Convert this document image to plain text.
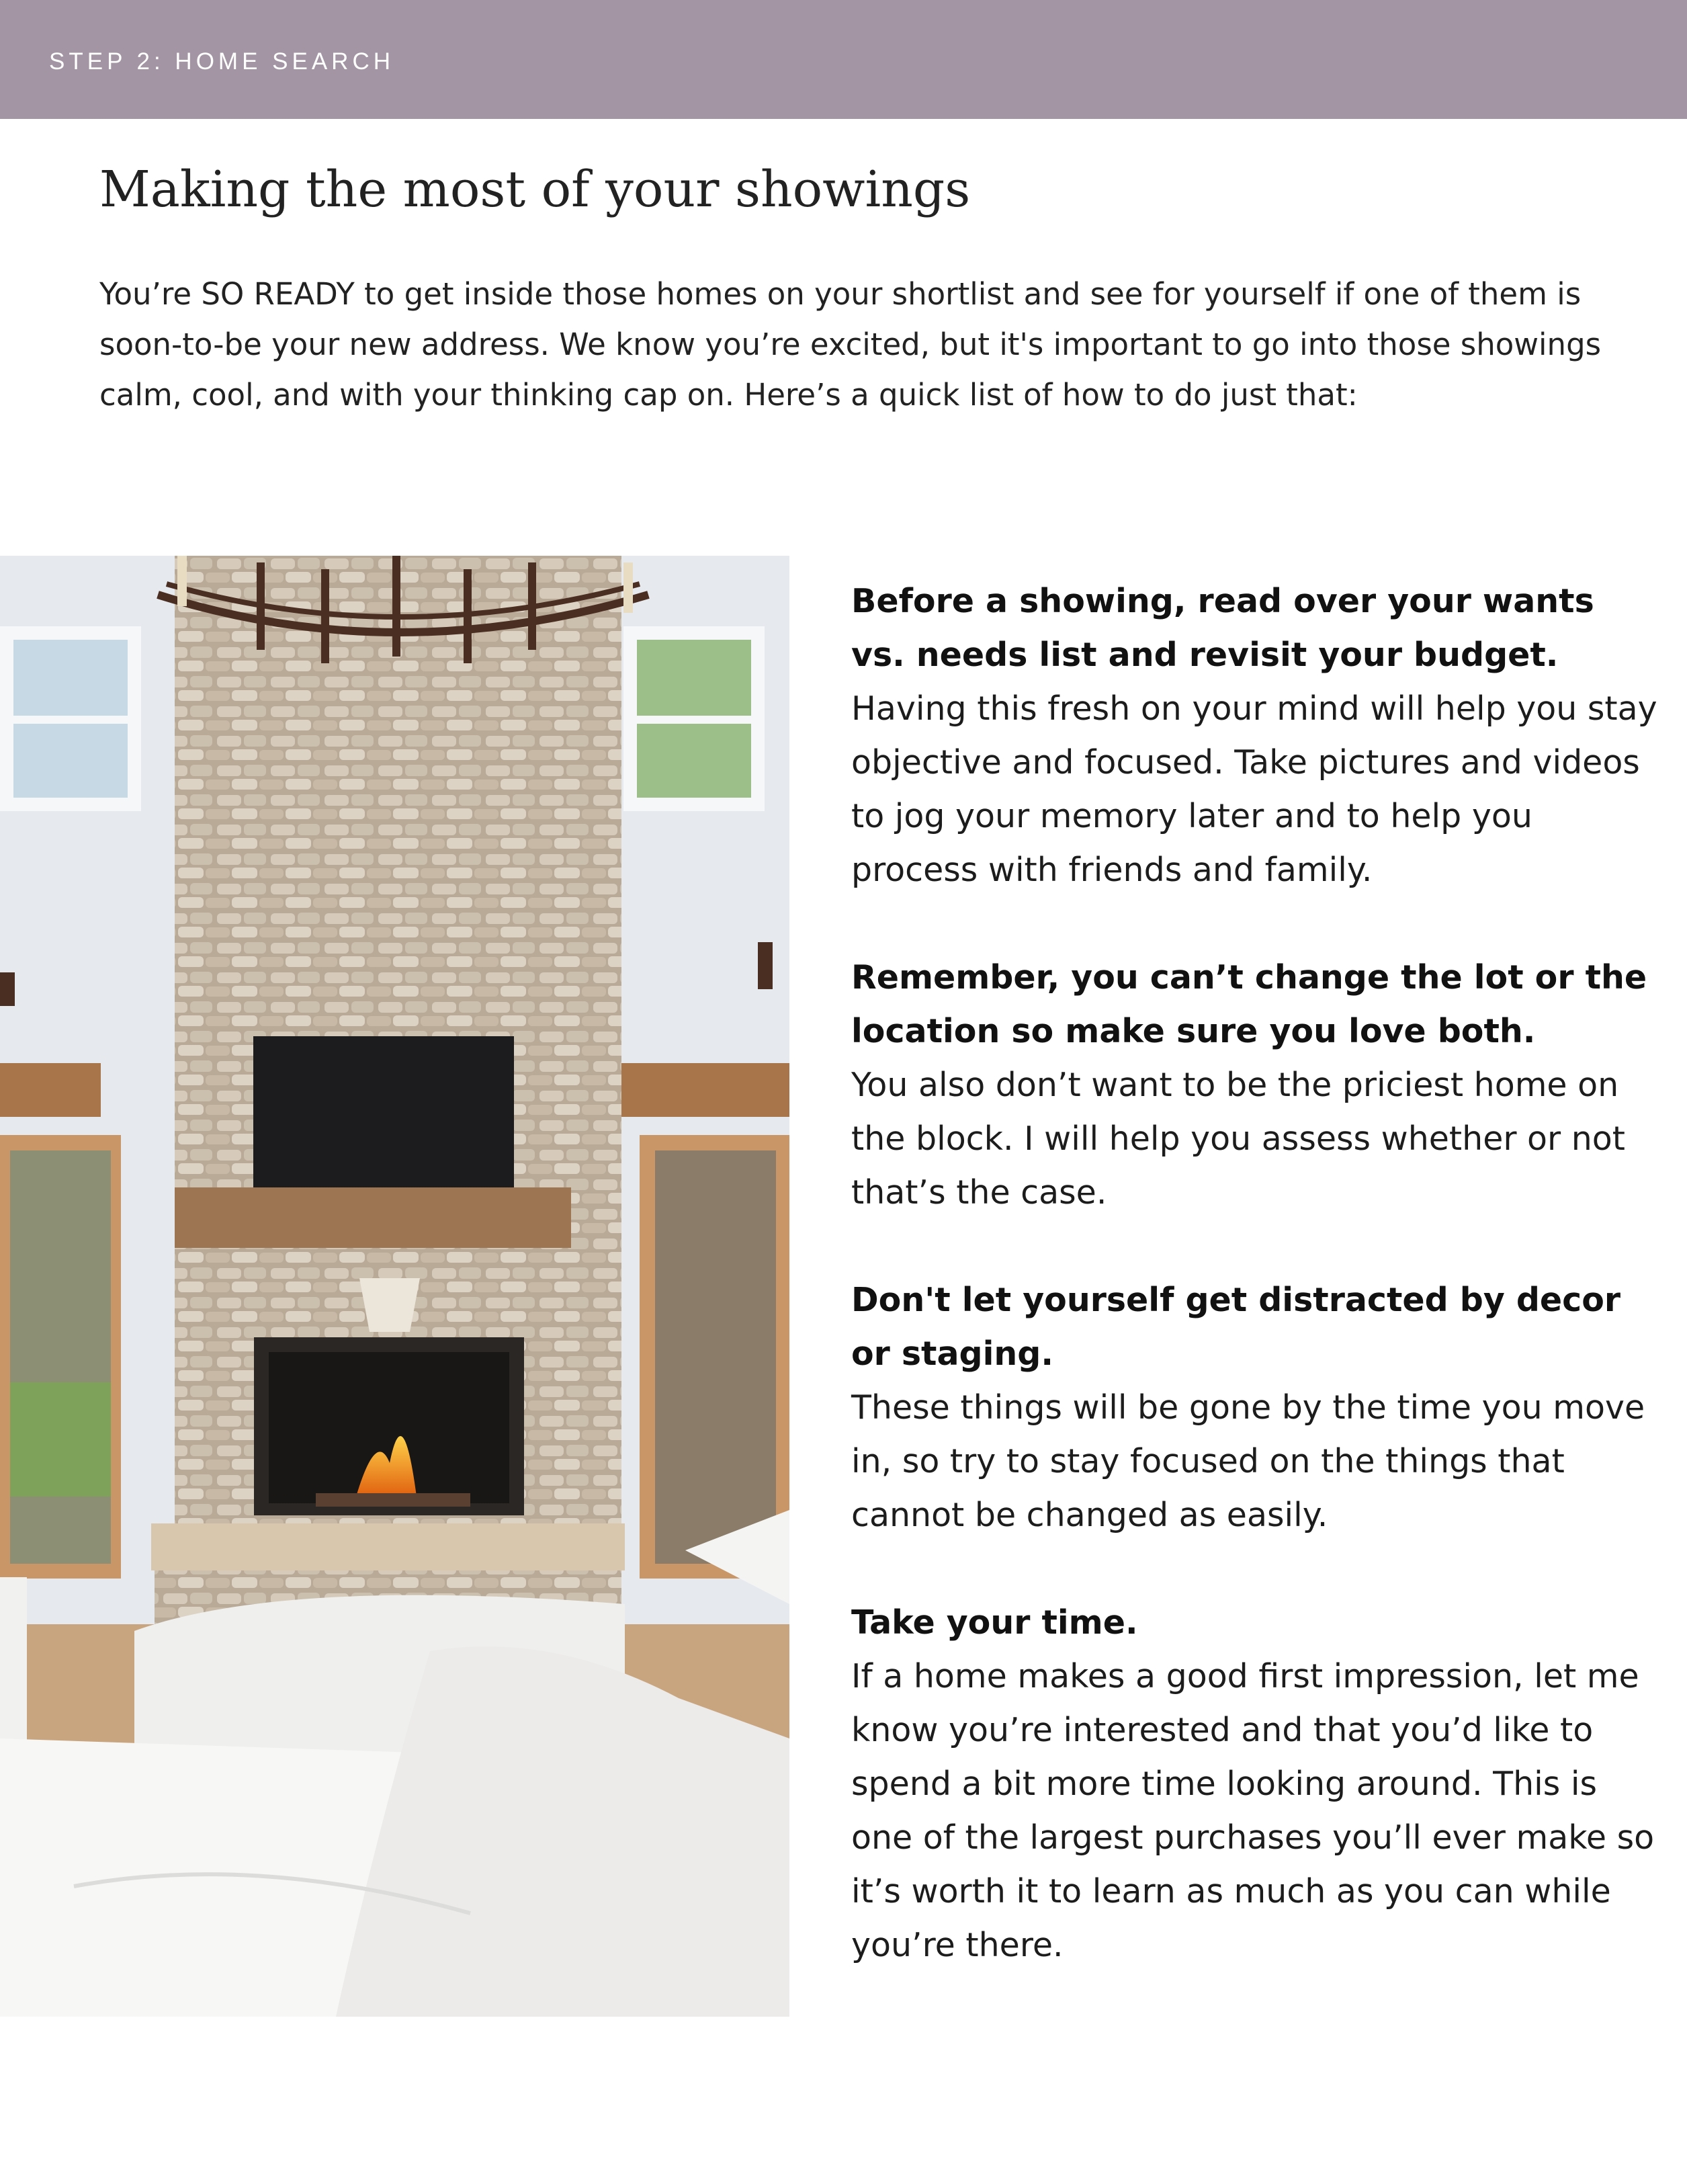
STEP 2: HOME SEARCH
Making the most of your showings

You’re SO READY to get inside those homes on your shortlist and see for yourself if one of them is soon-to-be your new address. We know you’re excited, but it's important to go into those showings calm, cool, and with your thinking cap on. Here’s a quick list of how to do just that:

Before a showing, read over your wants vs. needs list and revisit your budget.
Having this fresh on your mind will help you stay objective and focused. Take pictures and videos to jog your memory later and to help you process with friends and family.
Remember, you can’t change the lot or the location so make sure you love both.
You also don’t want to be the priciest home on the block. I will help you assess whether or not that’s the case.
Don't let yourself get distracted by decor or staging.
These things will be gone by the time you move in, so try to stay focused on the things that cannot be changed as easily.
Take your time.
If a home makes a good first impression, let me know you’re interested and that you’d like to spend a bit more time looking around. This is one of the largest purchases you’ll ever make so it’s worth it to learn as much as you can while you’re there.
